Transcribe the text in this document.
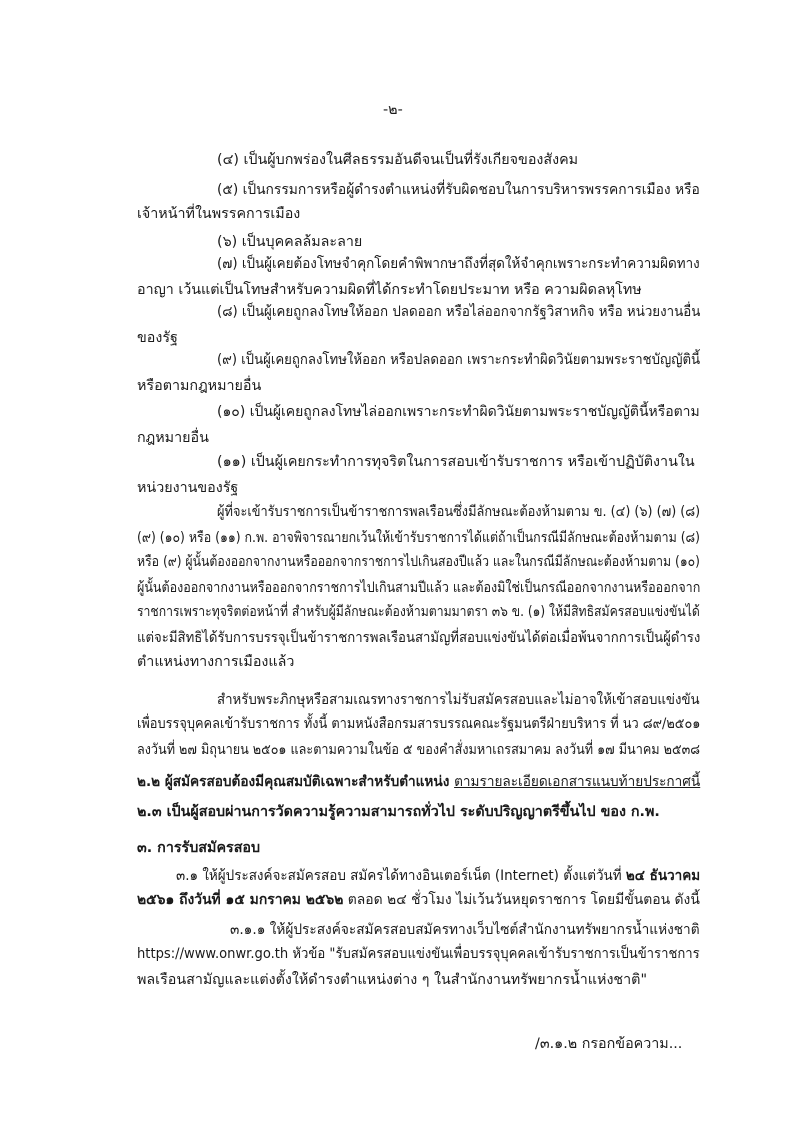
-๒-
(๔) เป็นผู้บกพร่องในศีลธรรมอันดีจนเป็นที่รังเกียจของสังคม
(๕) เป็นกรรมการหรือผู้ดำรงตำแหน่งที่รับผิดชอบในการบริหารพรรคการเมือง หรือ
เจ้าหน้าที่ในพรรคการเมือง
(๖) เป็นบุคคลล้มละลาย
(๗) เป็นผู้เคยต้องโทษจำคุกโดยคำพิพากษาถึงที่สุดให้จำคุกเพราะกระทำความผิดทาง
อาญา เว้นแต่เป็นโทษสำหรับความผิดที่ได้กระทำโดยประมาท หรือ ความผิดลหุโทษ
(๘) เป็นผู้เคยถูกลงโทษให้ออก ปลดออก หรือไล่ออกจากรัฐวิสาหกิจ หรือ หน่วยงานอื่น
ของรัฐ
(๙) เป็นผู้เคยถูกลงโทษให้ออก หรือปลดออก เพราะกระทำผิดวินัยตามพระราชบัญญัตินี้
หรือตามกฎหมายอื่น
(๑๐) เป็นผู้เคยถูกลงโทษไล่ออกเพราะกระทำผิดวินัยตามพระราชบัญญัตินี้หรือตาม
กฎหมายอื่น
(๑๑) เป็นผู้เคยกระทำการทุจริตในการสอบเข้ารับราชการ หรือเข้าปฏิบัติงานใน
หน่วยงานของรัฐ
ผู้ที่จะเข้ารับราชการเป็นข้าราชการพลเรือนซึ่งมีลักษณะต้องห้ามตาม ข. (๔) (๖) (๗) (๘)
(๙) (๑๐) หรือ (๑๑) ก.พ. อาจพิจารณายกเว้นให้เข้ารับราชการได้แต่ถ้าเป็นกรณีมีลักษณะต้องห้ามตาม (๘)
หรือ (๙) ผู้นั้นต้องออกจากงานหรือออกจากราชการไปเกินสองปีแล้ว และในกรณีมีลักษณะต้องห้ามตาม (๑๐)
ผู้นั้นต้องออกจากงานหรือออกจากราชการไปเกินสามปีแล้ว และต้องมิใช่เป็นกรณีออกจากงานหรือออกจาก
ราชการเพราะทุจริตต่อหน้าที่ สำหรับผู้มีลักษณะต้องห้ามตามมาตรา ๓๖ ข. (๑) ให้มีสิทธิสมัครสอบแข่งขันได้
แต่จะมีสิทธิได้รับการบรรจุเป็นข้าราชการพลเรือนสามัญที่สอบแข่งขันได้ต่อเมื่อพ้นจากการเป็นผู้ดำรง
ตำแหน่งทางการเมืองแล้ว
สำหรับพระภิกษุหรือสามเณรทางราชการไม่รับสมัครสอบและไม่อาจให้เข้าสอบแข่งขัน
เพื่อบรรจุบุคคลเข้ารับราชการ ทั้งนี้ ตามหนังสือกรมสารบรรณคณะรัฐมนตรีฝ่ายบริหาร ที่ นว ๘๙/๒๕๐๑
ลงวันที่ ๒๗ มิถุนายน ๒๕๐๑ และตามความในข้อ ๕ ของคำสั่งมหาเถรสมาคม ลงวันที่ ๑๗ มีนาคม ๒๕๓๘
๒.๒ ผู้สมัครสอบต้องมีคุณสมบัติเฉพาะสำหรับตำแหน่ง ตามรายละเอียดเอกสารแนบท้ายประกาศนี้
๒.๓ เป็นผู้สอบผ่านการวัดความรู้ความสามารถทั่วไป ระดับปริญญาตรีขึ้นไป ของ ก.พ.
๓. การรับสมัครสอบ
๓.๑ ให้ผู้ประสงค์จะสมัครสอบ สมัครได้ทางอินเตอร์เน็ต (Internet) ตั้งแต่วันที่ ๒๔ ธันวาคม
๒๕๖๑ ถึงวันที่ ๑๕ มกราคม ๒๕๖๒ ตลอด ๒๔ ชั่วโมง ไม่เว้นวันหยุดราชการ โดยมีขั้นตอน ดังนี้
๓.๑.๑ ให้ผู้ประสงค์จะสมัครสอบสมัครทางเว็บไซต์สำนักงานทรัพยากรน้ำแห่งชาติ
https://www.onwr.go.th หัวข้อ "รับสมัครสอบแข่งขันเพื่อบรรจุบุคคลเข้ารับราชการเป็นข้าราชการ
พลเรือนสามัญและแต่งตั้งให้ดำรงตำแหน่งต่าง ๆ ในสำนักงานทรัพยากรน้ำแห่งชาติ"
/๓.๑.๒ กรอกข้อความ...
